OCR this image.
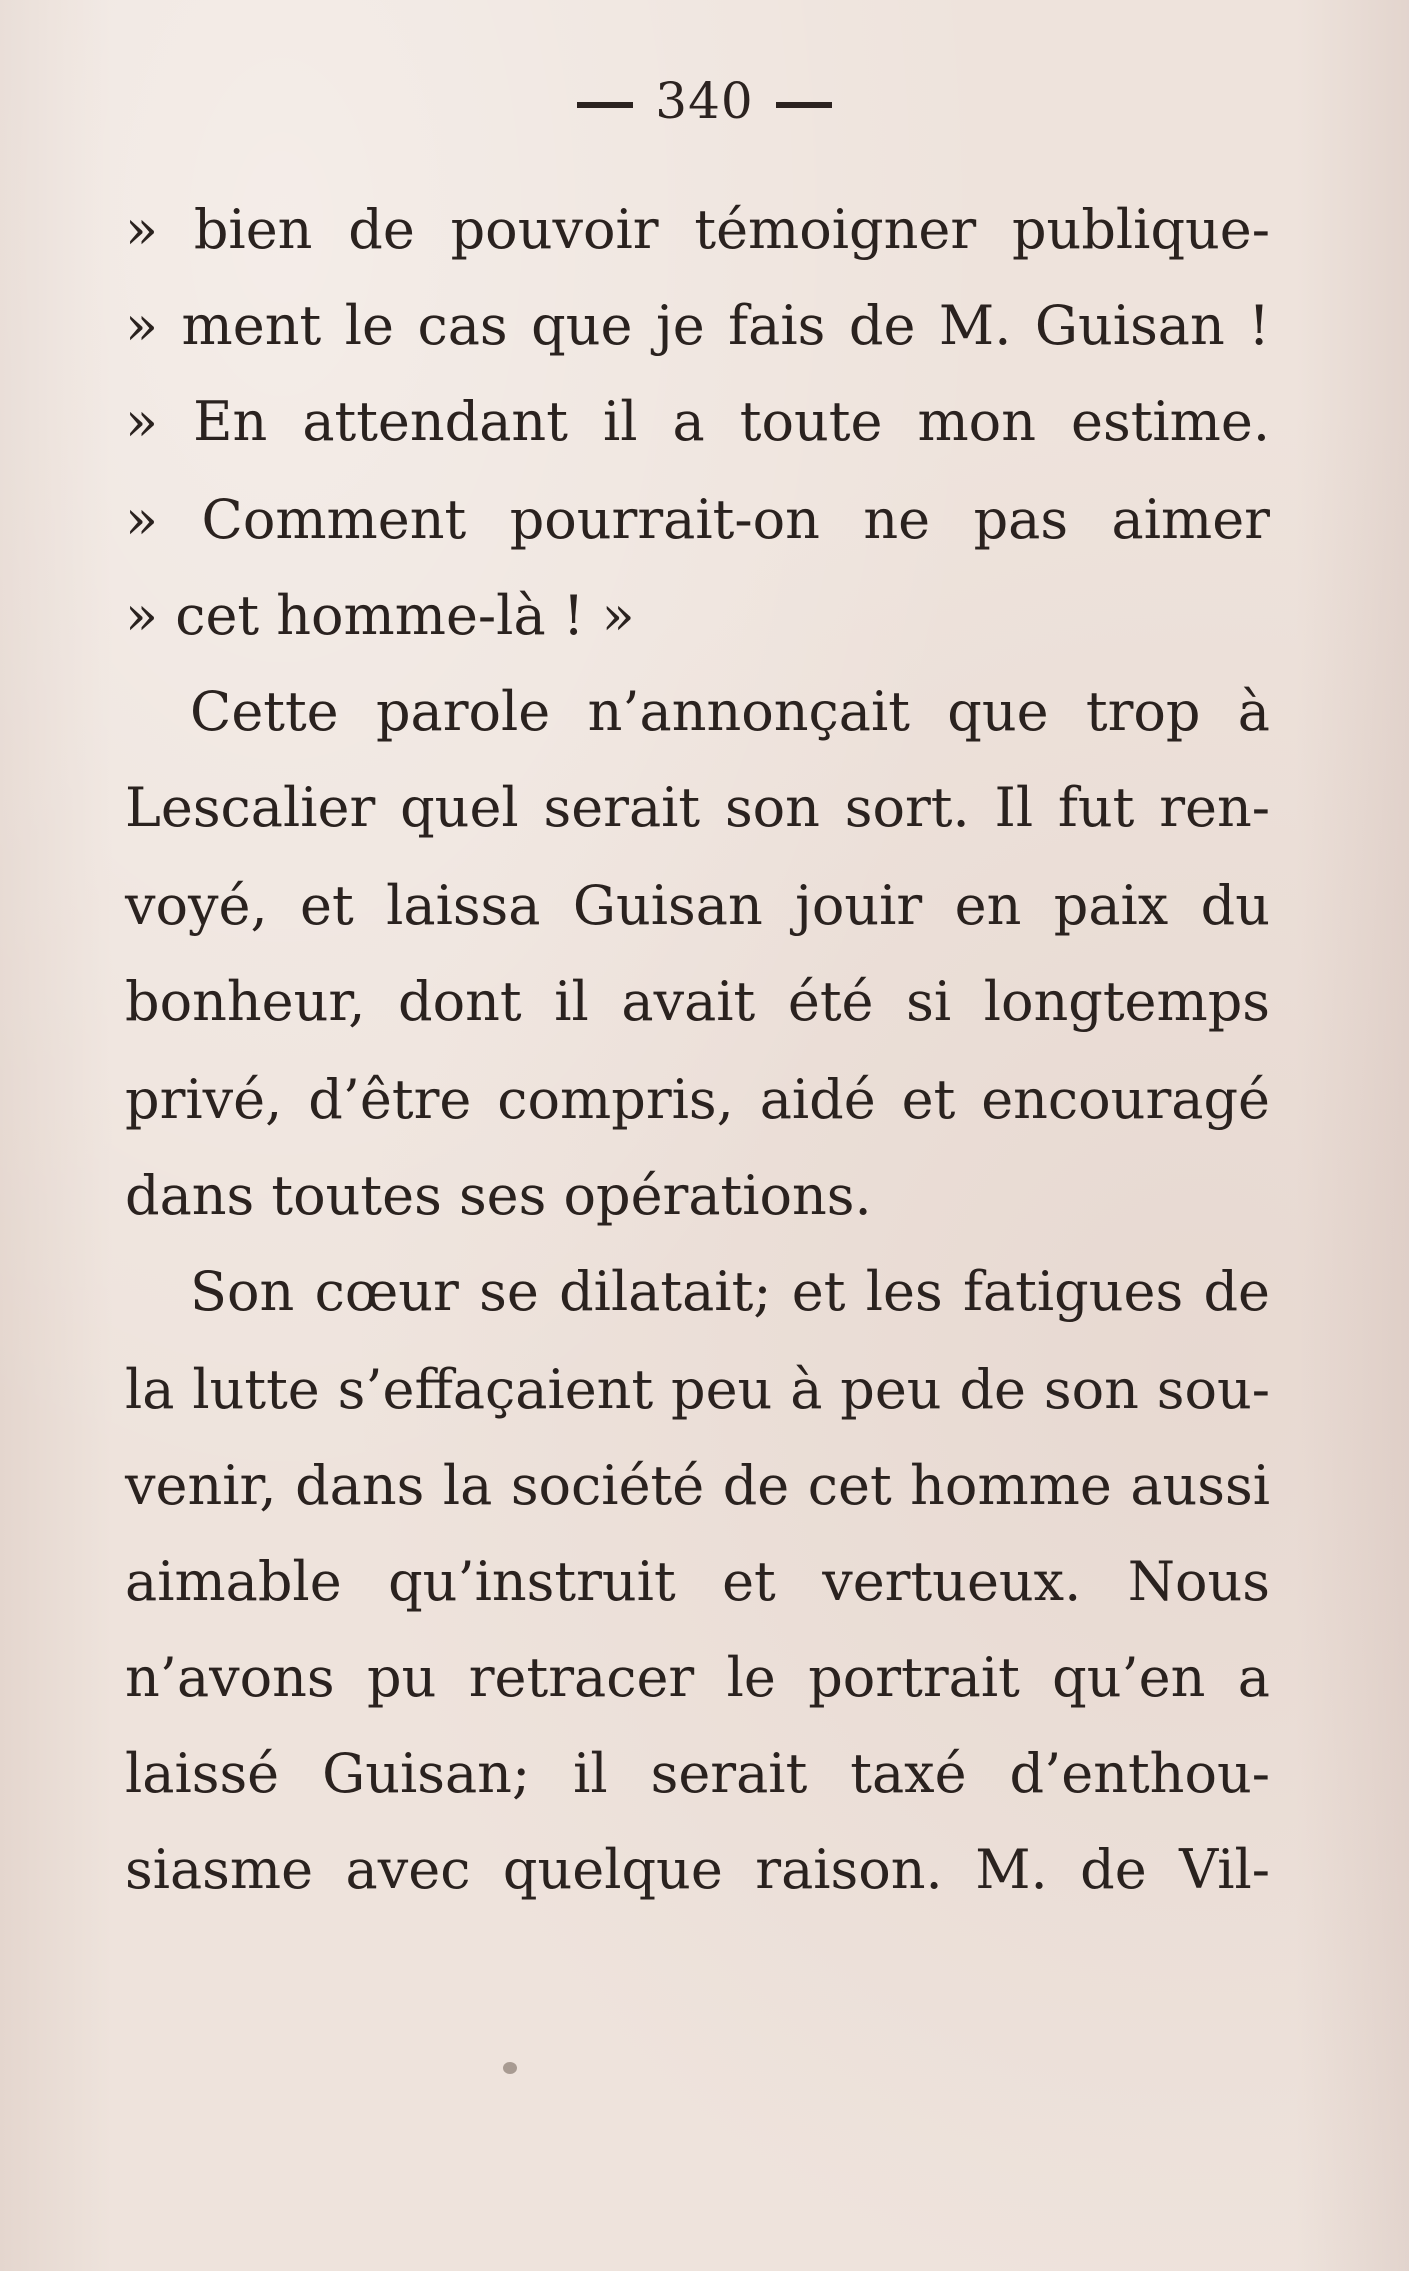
340
» bien de pouvoir témoigner publique-
» ment le cas que je fais de M. Guisan !
» En attendant il a toute mon estime.
» Comment pourrait-on ne pas aimer
» cet homme-là ! »
Cette parole n’annonçait que trop à
Lescalier quel serait son sort. Il fut ren-
voyé, et laissa Guisan jouir en paix du
bonheur, dont il avait été si longtemps
privé, d’être compris, aidé et encouragé
dans toutes ses opérations.
Son cœur se dilatait; et les fatigues de
la lutte s’effaçaient peu à peu de son sou-
venir, dans la société de cet homme aussi
aimable qu’instruit et vertueux. Nous
n’avons pu retracer le portrait qu’en a
laissé Guisan; il serait taxé d’enthou-
siasme avec quelque raison. M. de Vil-
